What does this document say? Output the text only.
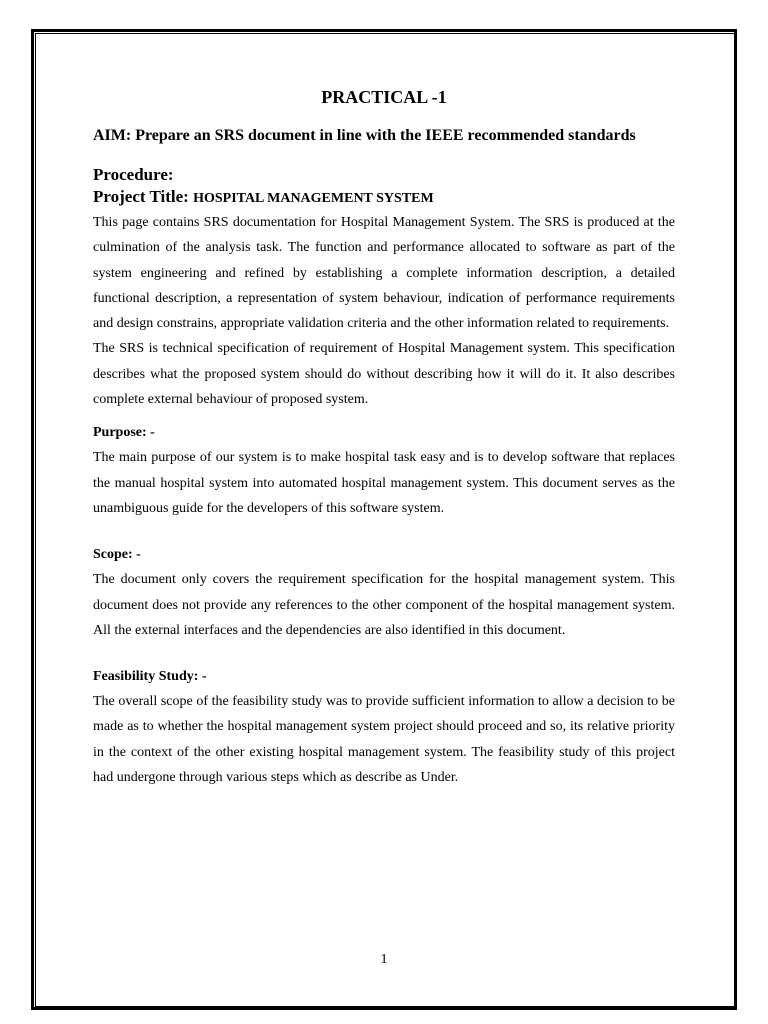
PRACTICAL -1
AIM: Prepare an SRS document in line with the IEEE recommended standards
Procedure:
Project Title: HOSPITAL MANAGEMENT SYSTEM

This page contains SRS documentation for Hospital Management System. The SRS is produced at the culmination of the analysis task. The function and performance allocated to software as part of the system engineering and refined by establishing a complete information description, a detailed functional description, a representation of system behaviour, indication of performance requirements and design constrains, appropriate validation criteria and the other information related to requirements.

The SRS is technical specification of requirement of Hospital Management system. This specification describes what the proposed system should do without describing how it will do it. It also describes complete external behaviour of proposed system.

Purpose: -

The main purpose of our system is to make hospital task easy and is to develop software that replaces the manual hospital system into automated hospital management system. This document serves as the unambiguous guide for the developers of this software system.

Scope: -

The document only covers the requirement specification for the hospital management system. This document does not provide any references to the other component of the hospital management system. All the external interfaces and the dependencies are also identified in this document.

Feasibility Study: -

The overall scope of the feasibility study was to provide sufficient information to allow a decision to be made as to whether the hospital management system project should proceed and so, its relative priority in the context of the other existing hospital management system. The feasibility study of this project had undergone through various steps which as describe as Under.

1
